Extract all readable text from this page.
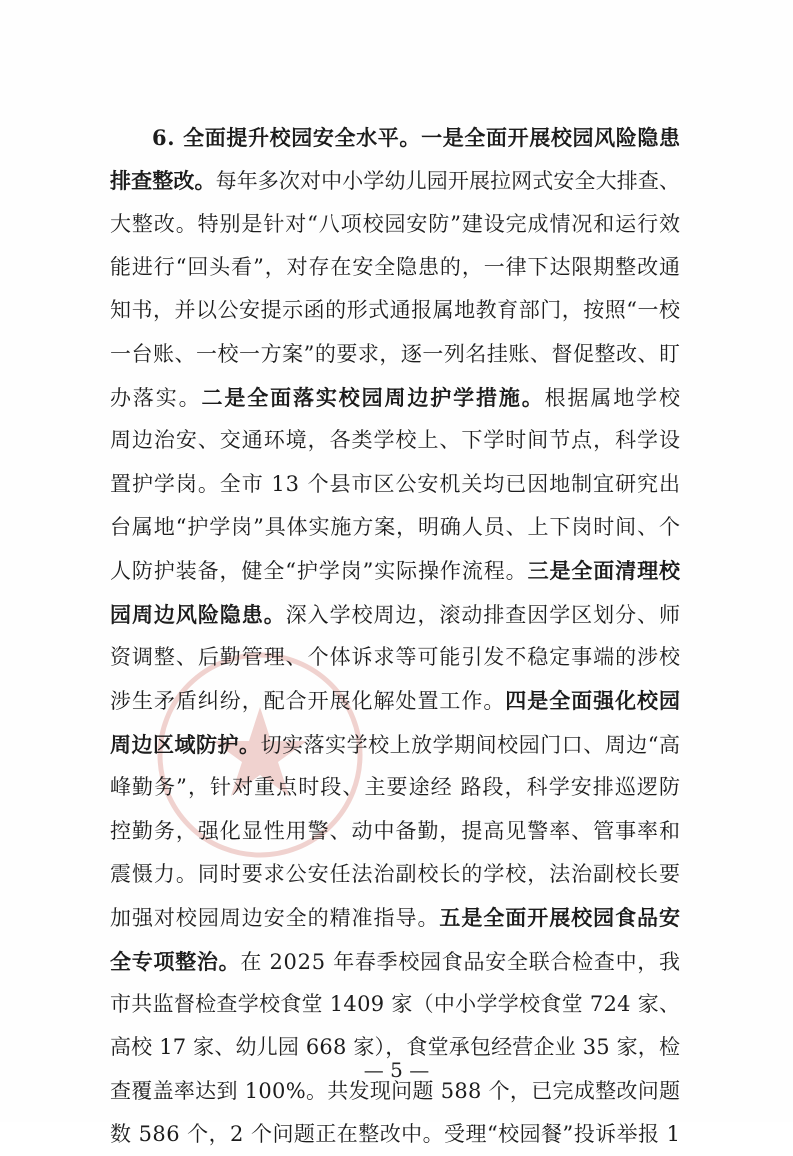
6. 全面提升校园安全水平。一是全面开展校园风险隐患
排查整改。每年多次对中小学幼儿园开展拉网式安全大排查、
大整改。特别是针对“八项校园安防”建设完成情况和运行效
能进行“回头看”，对存在安全隐患的，一律下达限期整改通
知书，并以公安提示函的形式通报属地教育部门，按照“一校
一台账、一校一方案”的要求，逐一列名挂账、督促整改、盯
办落实。二是全面落实校园周边护学措施。根据属地学校
周边治安、交通环境，各类学校上、下学时间节点，科学设
置护学岗。全市 13 个县市区公安机关均已因地制宜研究出
台属地“护学岗”具体实施方案，明确人员、上下岗时间、个
人防护装备，健全“护学岗”实际操作流程。三是全面清理校
园周边风险隐患。深入学校周边，滚动排查因学区划分、师
资调整、后勤管理、个体诉求等可能引发不稳定事端的涉校
涉生矛盾纠纷，配合开展化解处置工作。四是全面强化校园
周边区域防护。切实落实学校上放学期间校园门口、周边“高
峰勤务”，针对重点时段、主要途经 路段，科学安排巡逻防
控勤务，强化显性用警、动中备勤，提高见警率、管事率和
震慑力。同时要求公安任法治副校长的学校，法治副校长要
加强对校园周边安全的精准指导。五是全面开展校园食品安
全专项整治。在 2025 年春季校园食品安全联合检查中，我
市共监督检查学校食堂 1409 家（中小学学校食堂 724 家、
高校 17 家、幼儿园 668 家），食堂承包经营企业 35 家，检
查覆盖率达到 100%。共发现问题 588 个，已完成整改问题
数 586 个，2 个问题正在整改中。受理“校园餐”投诉举报 1
— 5 —
